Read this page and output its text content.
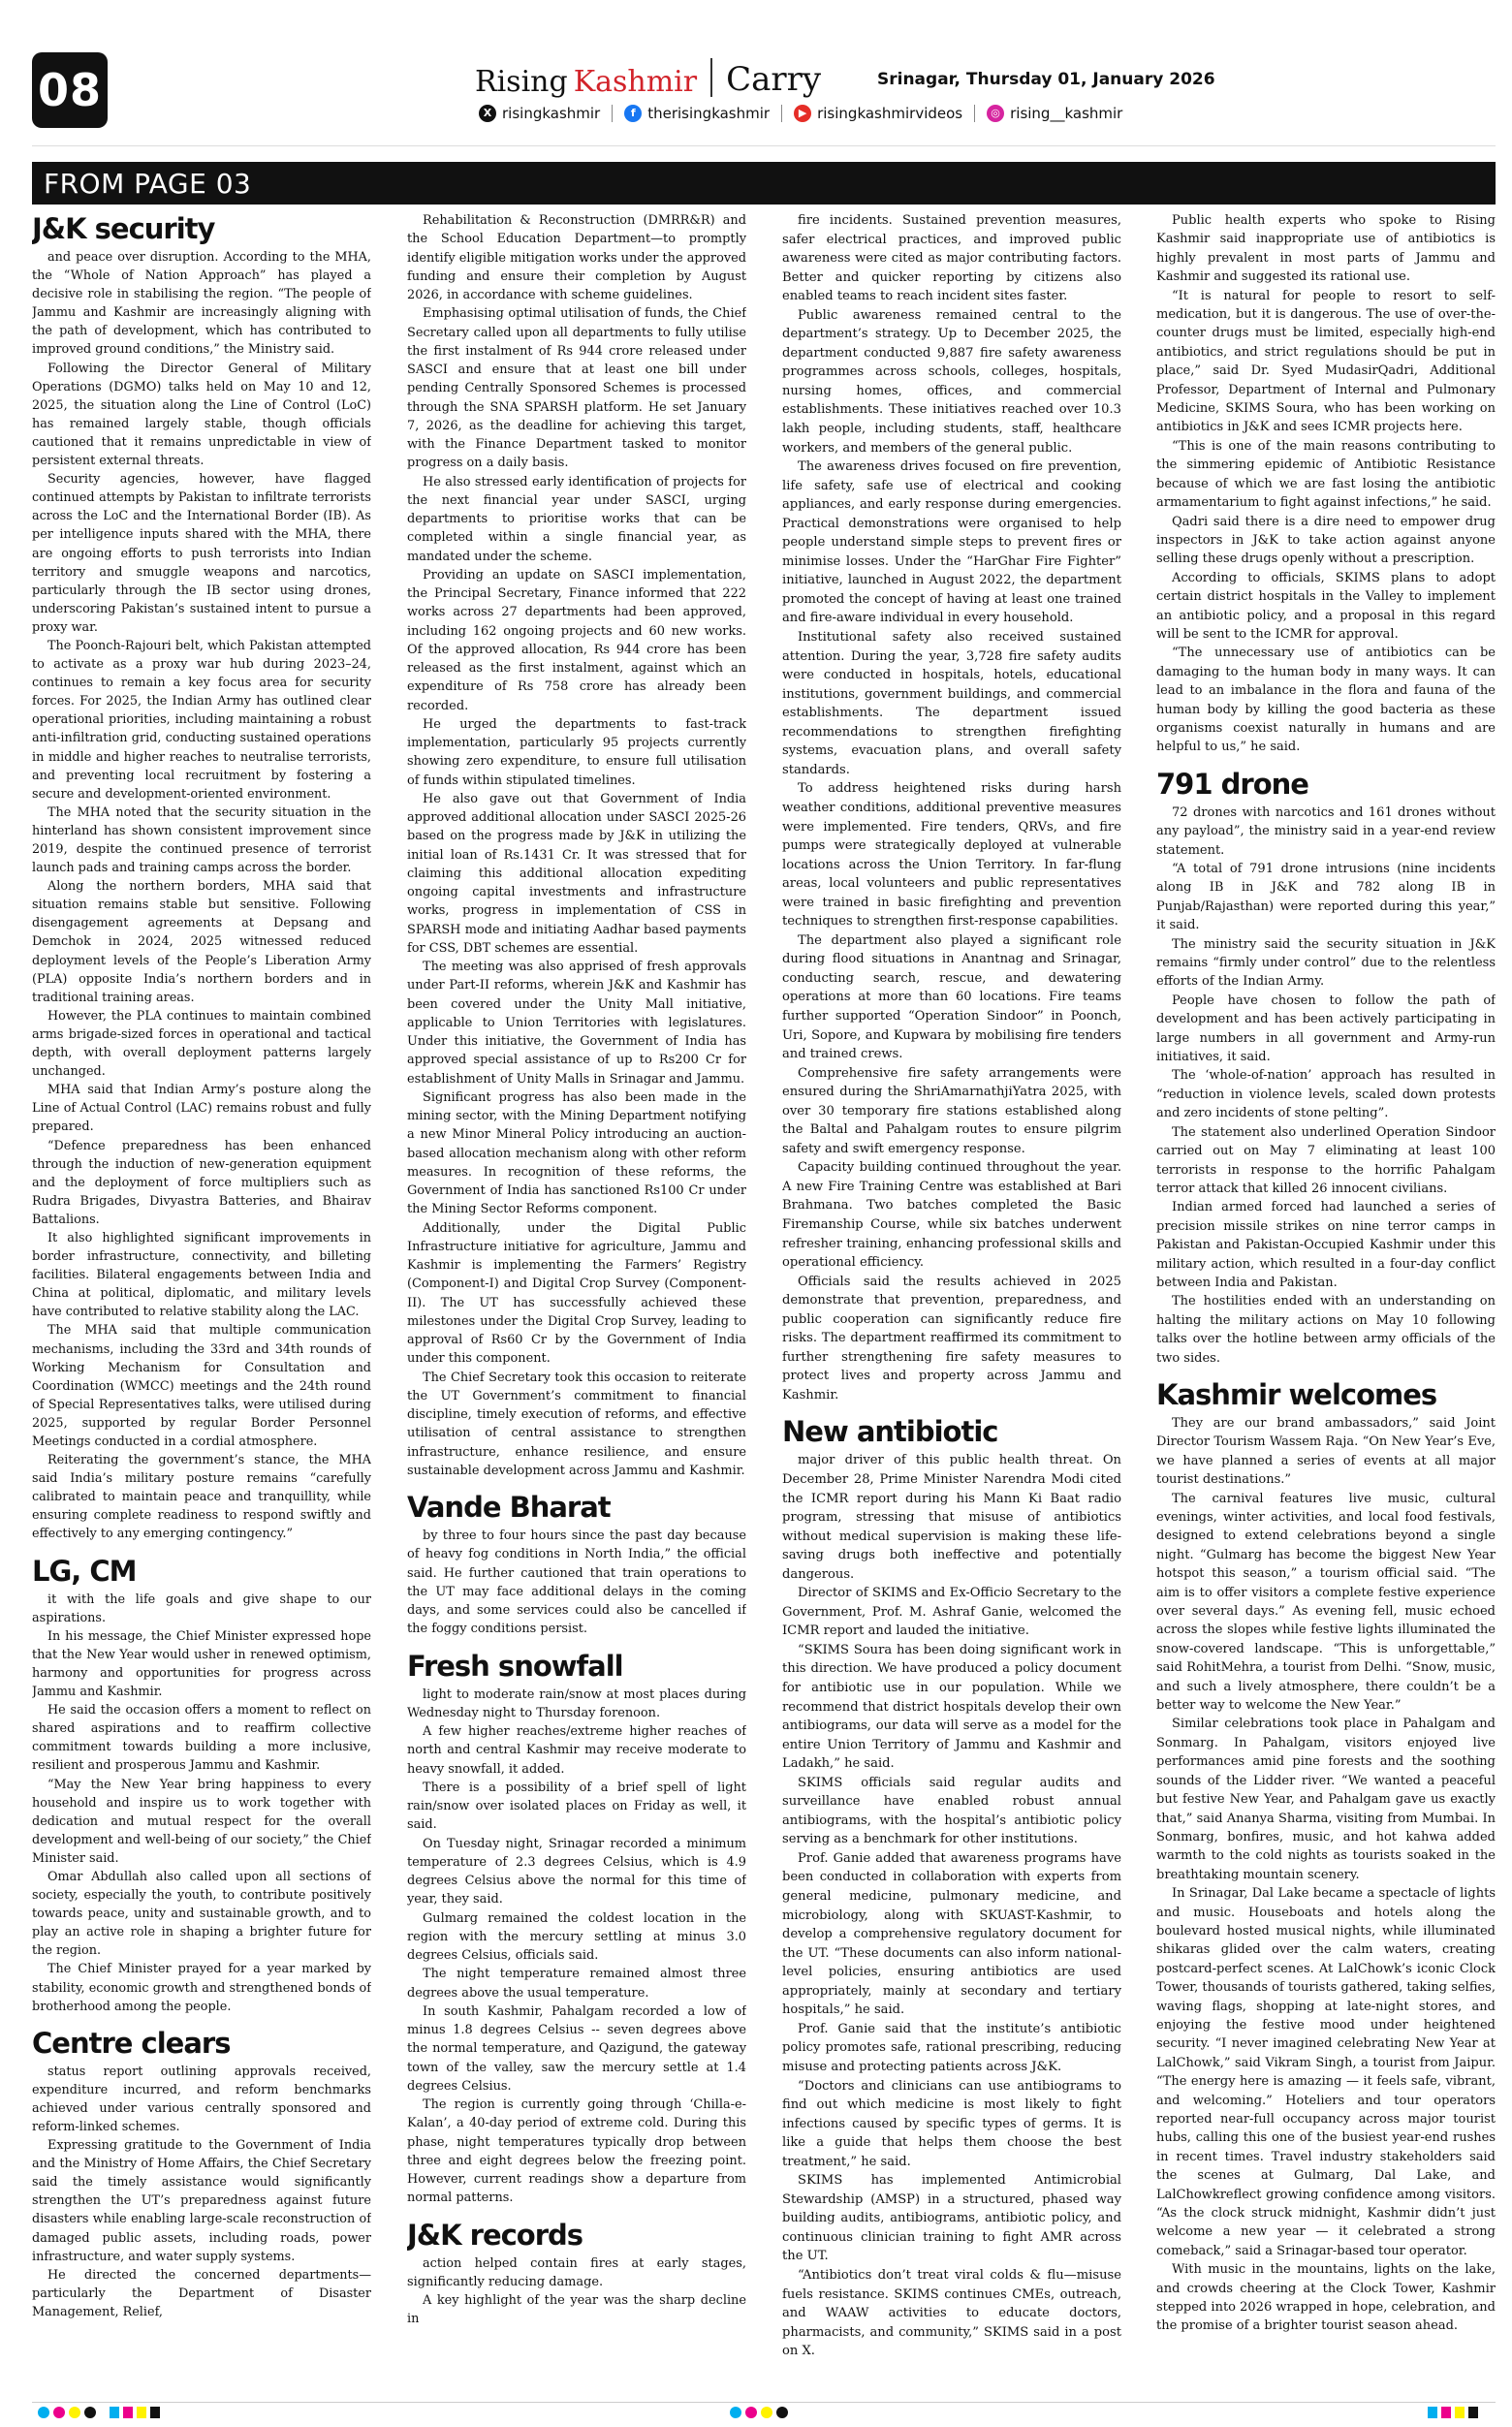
08	Rising Kashmir Carry	Srinagar, Thursday 01, January 2026
X risingkashmir	f therisingkashmir	▶ risingkashmirvideos	◎ rising__kashmir
FROM PAGE 03
J&K security

and peace over disruption. According to the MHA, the “Whole of Nation Approach” has played a decisive role in stabilising the region. “The people of Jammu and Kashmir are increasingly aligning with the path of development, which has contributed to improved ground conditions,” the Ministry said.

Following the Director General of Military Operations (DGMO) talks held on May 10 and 12, 2025, the situation along the Line of Control (LoC) has remained largely stable, though officials cautioned that it remains unpredictable in view of persistent external threats.

Security agencies, however, have flagged continued attempts by Pakistan to infiltrate terrorists across the LoC and the International Border (IB). As per intelligence inputs shared with the MHA, there are ongoing efforts to push terrorists into Indian territory and smuggle weapons and narcotics, particularly through the IB sector using drones, underscoring Pakistan’s sustained intent to pursue a proxy war.

The Poonch-Rajouri belt, which Pakistan attempted to activate as a proxy war hub during 2023–24, continues to remain a key focus area for security forces. For 2025, the Indian Army has outlined clear operational priorities, including maintaining a robust anti-infiltration grid, conducting sustained operations in middle and higher reaches to neutralise terrorists, and preventing local recruitment by fostering a secure and development-oriented environment.

The MHA noted that the security situation in the hinterland has shown consistent improvement since 2019, despite the continued presence of terrorist launch pads and training camps across the border.

Along the northern borders, MHA said that situation remains stable but sensitive. Following disengagement agreements at Depsang and Demchok in 2024, 2025 witnessed reduced deployment levels of the People’s Liberation Army (PLA) opposite India’s northern borders and in traditional training areas.

However, the PLA continues to maintain combined arms brigade-sized forces in operational and tactical depth, with overall deployment patterns largely unchanged.

MHA said that Indian Army’s posture along the Line of Actual Control (LAC) remains robust and fully prepared.

“Defence preparedness has been enhanced through the induction of new-generation equipment and the deployment of force multipliers such as Rudra Brigades, Divyastra Batteries, and Bhairav Battalions.

It also highlighted significant improvements in border infrastructure, connectivity, and billeting facilities. Bilateral engagements between India and China at political, diplomatic, and military levels have contributed to relative stability along the LAC.

The MHA said that multiple communication mechanisms, including the 33rd and 34th rounds of Working Mechanism for Consultation and Coordination (WMCC) meetings and the 24th round of Special Representatives talks, were utilised during 2025, supported by regular Border Personnel Meetings conducted in a cordial atmosphere.

Reiterating the government’s stance, the MHA said India’s military posture remains “carefully calibrated to maintain peace and tranquillity, while ensuring complete readiness to respond swiftly and effectively to any emerging contingency.”

LG, CM

it with the life goals and give shape to our aspirations.

In his message, the Chief Minister expressed hope that the New Year would usher in renewed optimism, harmony and opportunities for progress across Jammu and Kashmir.

He said the occasion offers a moment to reflect on shared aspirations and to reaffirm collective commitment towards building a more inclusive, resilient and prosperous Jammu and Kashmir.

“May the New Year bring happiness to every household and inspire us to work together with dedication and mutual respect for the overall development and well-being of our society,” the Chief Minister said.

Omar Abdullah also called upon all sections of society, especially the youth, to contribute positively towards peace, unity and sustainable growth, and to play an active role in shaping a brighter future for the region.

The Chief Minister prayed for a year marked by stability, economic growth and strengthened bonds of brotherhood among the people.

Centre clears

status report outlining approvals received, expenditure incurred, and reform benchmarks achieved under various centrally sponsored and reform-linked schemes.

Expressing gratitude to the Government of India and the Ministry of Home Affairs, the Chief Secretary said the timely assistance would significantly strengthen the UT’s preparedness against future disasters while enabling large-scale reconstruction of damaged public assets, including roads, power infrastructure, and water supply systems.

He directed the concerned departments—particularly the Department of Disaster Management, Relief,

Rehabilitation & Reconstruction (DMRR&R) and the School Education Department—to promptly identify eligible mitigation works under the approved funding and ensure their completion by August 2026, in accordance with scheme guidelines.

Emphasising optimal utilisation of funds, the Chief Secretary called upon all departments to fully utilise the first instalment of Rs 944 crore released under SASCI and ensure that at least one bill under pending Centrally Sponsored Schemes is processed through the SNA SPARSH platform. He set January 7, 2026, as the deadline for achieving this target, with the Finance Department tasked to monitor progress on a daily basis.

He also stressed early identification of projects for the next financial year under SASCI, urging departments to prioritise works that can be completed within a single financial year, as mandated under the scheme.

Providing an update on SASCI implementation, the Principal Secretary, Finance informed that 222 works across 27 departments had been approved, including 162 ongoing projects and 60 new works. Of the approved allocation, Rs 944 crore has been released as the first instalment, against which an expenditure of Rs 758 crore has already been recorded.

He urged the departments to fast-track implementation, particularly 95 projects currently showing zero expenditure, to ensure full utilisation of funds within stipulated timelines.

He also gave out that Government of India approved additional allocation under SASCI 2025-26 based on the progress made by J&K in utilizing the initial loan of Rs.1431 Cr. It was stressed that for claiming this additional allocation expediting ongoing capital investments and infrastructure works, progress in implementation of CSS in SPARSH mode and initiating Aadhar based payments for CSS, DBT schemes are essential.

The meeting was also apprised of fresh approvals under Part-II reforms, wherein J&K and Kashmir has been covered under the Unity Mall initiative, applicable to Union Territories with legislatures. Under this initiative, the Government of India has approved special assistance of up to Rs200 Cr for establishment of Unity Malls in Srinagar and Jammu.

Significant progress has also been made in the mining sector, with the Mining Department notifying a new Minor Mineral Policy introducing an auction-based allocation mechanism along with other reform measures. In recognition of these reforms, the Government of India has sanctioned Rs100 Cr under the Mining Sector Reforms component.

Additionally, under the Digital Public Infrastructure initiative for agriculture, Jammu and Kashmir is implementing the Farmers’ Registry (Component-I) and Digital Crop Survey (Component-II). The UT has successfully achieved these milestones under the Digital Crop Survey, leading to approval of Rs60 Cr by the Government of India under this component.

The Chief Secretary took this occasion to reiterate the UT Government’s commitment to financial discipline, timely execution of reforms, and effective utilisation of central assistance to strengthen infrastructure, enhance resilience, and ensure sustainable development across Jammu and Kashmir.

Vande Bharat

by three to four hours since the past day because of heavy fog conditions in North India,” the official said. He further cautioned that train operations to the UT may face additional delays in the coming days, and some services could also be cancelled if the foggy conditions persist.

Fresh snowfall

light to moderate rain/snow at most places during Wednesday night to Thursday forenoon.

A few higher reaches/extreme higher reaches of north and central Kashmir may receive moderate to heavy snowfall, it added.

There is a possibility of a brief spell of light rain/snow over isolated places on Friday as well, it said.

On Tuesday night, Srinagar recorded a minimum temperature of 2.3 degrees Celsius, which is 4.9 degrees Celsius above the normal for this time of year, they said.

Gulmarg remained the coldest location in the region with the mercury settling at minus 3.0 degrees Celsius, officials said.

The night temperature remained almost three degrees above the usual temperature.

In south Kashmir, Pahalgam recorded a low of minus 1.8 degrees Celsius -- seven degrees above the normal temperature, and Qazigund, the gateway town of the valley, saw the mercury settle at 1.4 degrees Celsius.

The region is currently going through ‘Chilla-e-Kalan’, a 40-day period of extreme cold. During this phase, night temperatures typically drop between three and eight degrees below the freezing point. However, current readings show a departure from normal patterns.

J&K records

action helped contain fires at early stages, significantly reducing damage.

A key highlight of the year was the sharp decline in

fire incidents. Sustained prevention measures, safer electrical practices, and improved public awareness were cited as major contributing factors. Better and quicker reporting by citizens also enabled teams to reach incident sites faster.

Public awareness remained central to the department’s strategy. Up to December 2025, the department conducted 9,887 fire safety awareness programmes across schools, colleges, hospitals, nursing homes, offices, and commercial establishments. These initiatives reached over 10.3 lakh people, including students, staff, healthcare workers, and members of the general public.

The awareness drives focused on fire prevention, life safety, safe use of electrical and cooking appliances, and early response during emergencies. Practical demonstrations were organised to help people understand simple steps to prevent fires or minimise losses. Under the “HarGhar Fire Fighter” initiative, launched in August 2022, the department promoted the concept of having at least one trained and fire-aware individual in every household.

Institutional safety also received sustained attention. During the year, 3,728 fire safety audits were conducted in hospitals, hotels, educational institutions, government buildings, and commercial establishments. The department issued recommendations to strengthen firefighting systems, evacuation plans, and overall safety standards.

To address heightened risks during harsh weather conditions, additional preventive measures were implemented. Fire tenders, QRVs, and fire pumps were strategically deployed at vulnerable locations across the Union Territory. In far-flung areas, local volunteers and public representatives were trained in basic firefighting and prevention techniques to strengthen first-response capabilities.

The department also played a significant role during flood situations in Anantnag and Srinagar, conducting search, rescue, and dewatering operations at more than 60 locations. Fire teams further supported “Operation Sindoor” in Poonch, Uri, Sopore, and Kupwara by mobilising fire tenders and trained crews.

Comprehensive fire safety arrangements were ensured during the ShriAmarnathjiYatra 2025, with over 30 temporary fire stations established along the Baltal and Pahalgam routes to ensure pilgrim safety and swift emergency response.

Capacity building continued throughout the year. A new Fire Training Centre was established at Bari Brahmana. Two batches completed the Basic Firemanship Course, while six batches underwent refresher training, enhancing professional skills and operational efficiency.

Officials said the results achieved in 2025 demonstrate that prevention, preparedness, and public cooperation can significantly reduce fire risks. The department reaffirmed its commitment to further strengthening fire safety measures to protect lives and property across Jammu and Kashmir.

New antibiotic

major driver of this public health threat. On December 28, Prime Minister Narendra Modi cited the ICMR report during his Mann Ki Baat radio program, stressing that misuse of antibiotics without medical supervision is making these life-saving drugs both ineffective and potentially dangerous.

Director of SKIMS and Ex-Officio Secretary to the Government, Prof. M. Ashraf Ganie, welcomed the ICMR report and lauded the initiative.

“SKIMS Soura has been doing significant work in this direction. We have produced a policy document for antibiotic use in our population. While we recommend that district hospitals develop their own antibiograms, our data will serve as a model for the entire Union Territory of Jammu and Kashmir and Ladakh,” he said.

SKIMS officials said regular audits and surveillance have enabled robust annual antibiograms, with the hospital’s antibiotic policy serving as a benchmark for other institutions.

Prof. Ganie added that awareness programs have been conducted in collaboration with experts from general medicine, pulmonary medicine, and microbiology, along with SKUAST-Kashmir, to develop a comprehensive regulatory document for the UT. “These documents can also inform national-level policies, ensuring antibiotics are used appropriately, mainly at secondary and tertiary hospitals,” he said.

Prof. Ganie said that the institute’s antibiotic policy promotes safe, rational prescribing, reducing misuse and protecting patients across J&K.

“Doctors and clinicians can use antibiograms to find out which medicine is most likely to fight infections caused by specific types of germs. It is like a guide that helps them choose the best treatment,” he said.

SKIMS has implemented Antimicrobial Stewardship (AMSP) in a structured, phased way building audits, antibiograms, antibiotic policy, and continuous clinician training to fight AMR across the UT.

“Antibiotics don’t treat viral colds & flu—misuse fuels resistance. SKIMS continues CMEs, outreach, and WAAW activities to educate doctors, pharmacists, and community,” SKIMS said in a post on X.

Public health experts who spoke to Rising Kashmir said inappropriate use of antibiotics is highly prevalent in most parts of Jammu and Kashmir and suggested its rational use.

“It is natural for people to resort to self-medication, but it is dangerous. The use of over-the-counter drugs must be limited, especially high-end antibiotics, and strict regulations should be put in place,” said Dr. Syed MudasirQadri, Additional Professor, Department of Internal and Pulmonary Medicine, SKIMS Soura, who has been working on antibiotics in J&K and sees ICMR projects here.

“This is one of the main reasons contributing to the simmering epidemic of Antibiotic Resistance because of which we are fast losing the antibiotic armamentarium to fight against infections,” he said.

Qadri said there is a dire need to empower drug inspectors in J&K to take action against anyone selling these drugs openly without a prescription.

According to officials, SKIMS plans to adopt certain district hospitals in the Valley to implement an antibiotic policy, and a proposal in this regard will be sent to the ICMR for approval.

“The unnecessary use of antibiotics can be damaging to the human body in many ways. It can lead to an imbalance in the flora and fauna of the human body by killing the good bacteria as these organisms coexist naturally in humans and are helpful to us,” he said.

791 drone

72 drones with narcotics and 161 drones without any payload”, the ministry said in a year-end review statement.

“A total of 791 drone intrusions (nine incidents along IB in J&K and 782 along IB in Punjab/Rajasthan) were reported during this year,” it said.

The ministry said the security situation in J&K remains “firmly under control” due to the relentless efforts of the Indian Army.

People have chosen to follow the path of development and has been actively participating in large numbers in all government and Army-run initiatives, it said.

The ‘whole-of-nation’ approach has resulted in “reduction in violence levels, scaled down protests and zero incidents of stone pelting”.

The statement also underlined Operation Sindoor carried out on May 7 eliminating at least 100 terrorists in response to the horrific Pahalgam terror attack that killed 26 innocent civilians.

Indian armed forced had launched a series of precision missile strikes on nine terror camps in Pakistan and Pakistan-Occupied Kashmir under this military action, which resulted in a four-day conflict between India and Pakistan.

The hostilities ended with an understanding on halting the military actions on May 10 following talks over the hotline between army officials of the two sides.

Kashmir welcomes

They are our brand ambassadors,” said Joint Director Tourism Wassem Raja. “On New Year’s Eve, we have planned a series of events at all major tourist destinations.”

The carnival features live music, cultural evenings, winter activities, and local food festivals, designed to extend celebrations beyond a single night. “Gulmarg has become the biggest New Year hotspot this season,” a tourism official said. “The aim is to offer visitors a complete festive experience over several days.” As evening fell, music echoed across the slopes while festive lights illuminated the snow-covered landscape. “This is unforgettable,” said RohitMehra, a tourist from Delhi. “Snow, music, and such a lively atmosphere, there couldn’t be a better way to welcome the New Year.”

Similar celebrations took place in Pahalgam and Sonmarg. In Pahalgam, visitors enjoyed live performances amid pine forests and the soothing sounds of the Lidder river. “We wanted a peaceful but festive New Year, and Pahalgam gave us exactly that,” said Ananya Sharma, visiting from Mumbai. In Sonmarg, bonfires, music, and hot kahwa added warmth to the cold nights as tourists soaked in the breathtaking mountain scenery.

In Srinagar, Dal Lake became a spectacle of lights and music. Houseboats and hotels along the boulevard hosted musical nights, while illuminated shikaras glided over the calm waters, creating postcard-perfect scenes. At LalChowk’s iconic Clock Tower, thousands of tourists gathered, taking selfies, waving flags, shopping at late-night stores, and enjoying the festive mood under heightened security. “I never imagined celebrating New Year at LalChowk,” said Vikram Singh, a tourist from Jaipur. “The energy here is amazing — it feels safe, vibrant, and welcoming.” Hoteliers and tour operators reported near-full occupancy across major tourist hubs, calling this one of the busiest year-end rushes in recent times. Travel industry stakeholders said the scenes at Gulmarg, Dal Lake, and LalChowkreflect growing confidence among visitors. “As the clock struck midnight, Kashmir didn’t just welcome a new year — it celebrated a strong comeback,” said a Srinagar-based tour operator.

With music in the mountains, lights on the lake, and crowds cheering at the Clock Tower, Kashmir stepped into 2026 wrapped in hope, celebration, and the promise of a brighter tourist season ahead.
